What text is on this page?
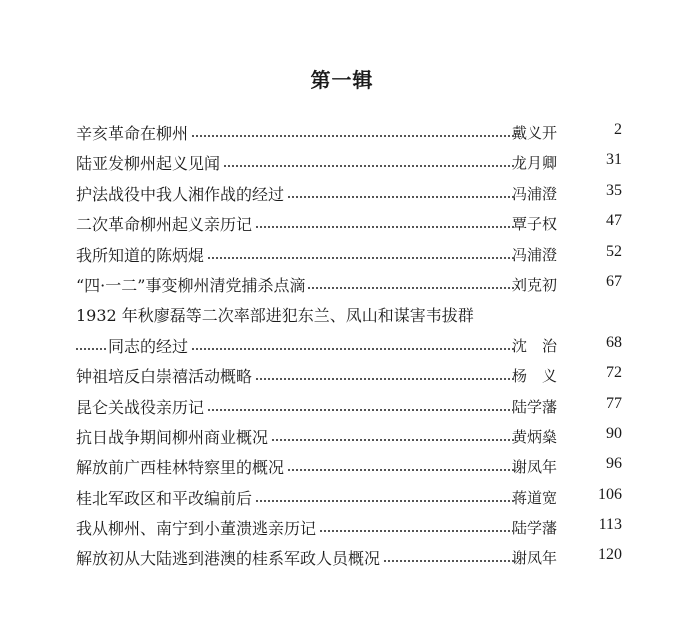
第一辑
辛亥革命在柳州	戴义开	2
陆亚发柳州起义见闻	龙月卿	31
护法战役中我人湘作战的经过	冯浦澄	35
二次革命柳州起义亲历记	覃子权	47
我所知道的陈炳焜	冯浦澄	52
“四·一二”事变柳州清党捕杀点滴	刘克初	67
1932 年秋廖磊等二次率部进犯东兰、凤山和谋害韦拔群
同志的经过	沈　治	68
钟祖培反白崇禧活动概略	杨　义	72
昆仑关战役亲历记	陆学藩	77
抗日战争期间柳州商业概况	黄炳燊	90
解放前广西桂林特察里的概况	谢凤年	96
桂北军政区和平改编前后	蒋道宽	106
我从柳州、南宁到小董溃逃亲历记	陆学藩	113
解放初从大陆逃到港澳的桂系军政人员概况	谢凤年	120
